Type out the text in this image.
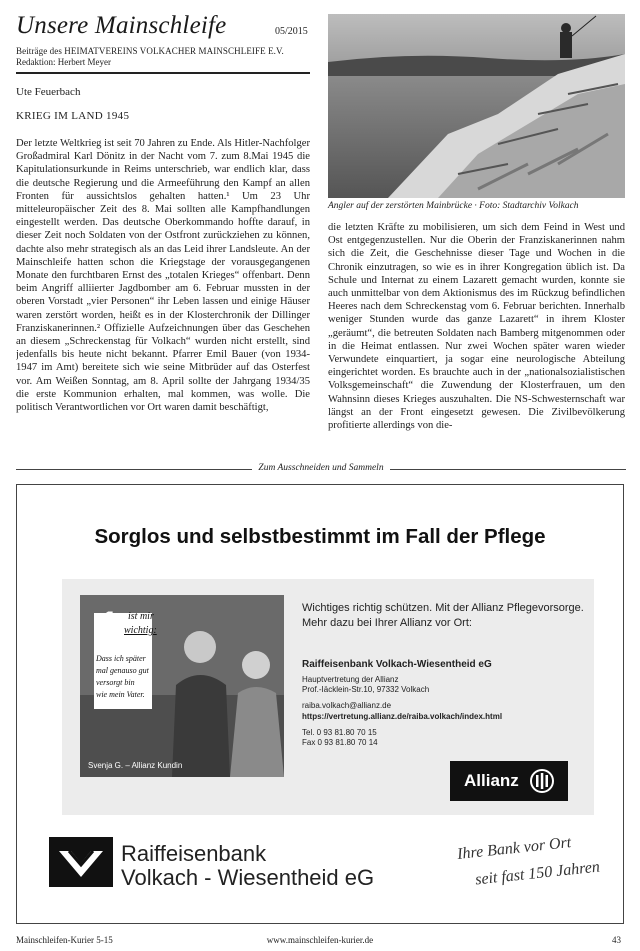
Unsere Mainschleife	05/2015
Beiträge des HEIMATVEREINS VOLKACHER MAINSCHLEIFE E.V.
Redaktion: Herbert Meyer
Ute Feuerbach
KRIEG IM LAND 1945

Der letzte Weltkrieg ist seit 70 Jahren zu Ende. Als Hitler-Nachfolger Großadmiral Karl Dönitz in der Nacht vom 7. zum 8.Mai 1945 die Kapitulationsurkunde in Reims unterschrieb, war endlich klar, dass die deutsche Regierung und die Armeeführung den Kampf an allen Fronten für aussichtslos gehalten hatten.¹ Um 23 Uhr mitteleuropäischer Zeit des 8. Mai sollten alle Kampfhandlungen eingestellt werden. Das deutsche Oberkommando hoffte darauf, in dieser Zeit noch Soldaten von der Ostfront zurückziehen zu können, dachte also mehr strategisch als an das Leid ihrer Landsleute. An der Mainschleife hatten schon die Kriegstage der vorausgegangenen Monate den furchtbaren Ernst des „totalen Krieges“ offenbart. Denn beim Angriff alliierter Jagdbomber am 6. Februar mussten in der oberen Vorstadt „vier Personen“ ihr Leben lassen und einige Häuser waren zerstört worden, heißt es in der Klosterchronik der Dillinger Franziskanerinnen.² Offizielle Aufzeichnungen über das Geschehen an diesem „Schreckenstag für Volkach“ wurden nicht erstellt, sind jedenfalls bis heute nicht bekannt. Pfarrer Emil Bauer (von 1934-1947 im Amt) bereitete sich wie seine Mitbrüder auf das Osterfest vor. Am Weißen Sonntag, am 8. April sollte der Jahrgang 1934/35 die erste Kommunion erhalten, mal kommen, was wolle. Die politisch Verantwortlichen vor Ort waren damit beschäftigt,

Angler auf der zerstörten Mainbrücke · Foto: Stadtarchiv Volkach

die letzten Kräfte zu mobilisieren, um sich dem Feind in West und Ost entgegenzustellen. Nur die Oberin der Franziskanerinnen nahm sich die Zeit, die Geschehnisse dieser Tage und Wochen in die Chronik einzutragen, so wie es in ihrer Kongregation üblich ist. Da Schule und Internat zu einem Lazarett gemacht wurden, konnte sie auch unmittelbar von dem Aktionismus des im Rückzug befindlichen Heeres nach dem Schreckenstag vom 6. Februar berichten. Innerhalb weniger Stunden wurde das ganze Lazarett“ in ihrem Kloster „geräumt“, die betreuten Soldaten nach Bamberg mitgenommen oder in die Heimat entlassen. Nur zwei Wochen später waren wieder Verwundete einquartiert, ja sogar eine neurologische Abteilung eingerichtet worden. Es brauchte auch in der „nationalsozialistischen Volksgemeinschaft“ die Zuwendung der Klosterfrauen, um den Wahnsinn dieses Krieges auszuhalten. Die NS-Schwesternschaft war längst an der Front eingesetzt gewesen. Die Zivilbevölkerung profitierte allerdings von die-

Zum Ausschneiden und Sammeln
Sorglos und selbstbestimmt im Fall der Pflege
1 ist mir
wichtig:
Dass ich später
mal genauso gut
versorgt bin
wie mein Vater.
Svenja G. – Allianz Kundin
Wichtiges richtig schützen. Mit der Allianz Pflegevorsorge.
Mehr dazu bei Ihrer Allianz vor Ort:
Raiffeisenbank Volkach-Wiesentheid eG
Hauptvertretung der Allianz
Prof.-Iäcklein-Str.10, 97332 Volkach
raiba.volkach@allianz.de
https://vertretung.allianz.de/raiba.volkach/index.html
Tel. 0 93 81.80 70 15
Fax 0 93 81.80 70 14
Allianz
Raiffeisenbank
Volkach - Wiesentheid eG
Ihre Bank vor Ort
seit fast 150 Jahren
Mainschleifen-Kurier 5-15	www.mainschleifen-kurier.de	43
